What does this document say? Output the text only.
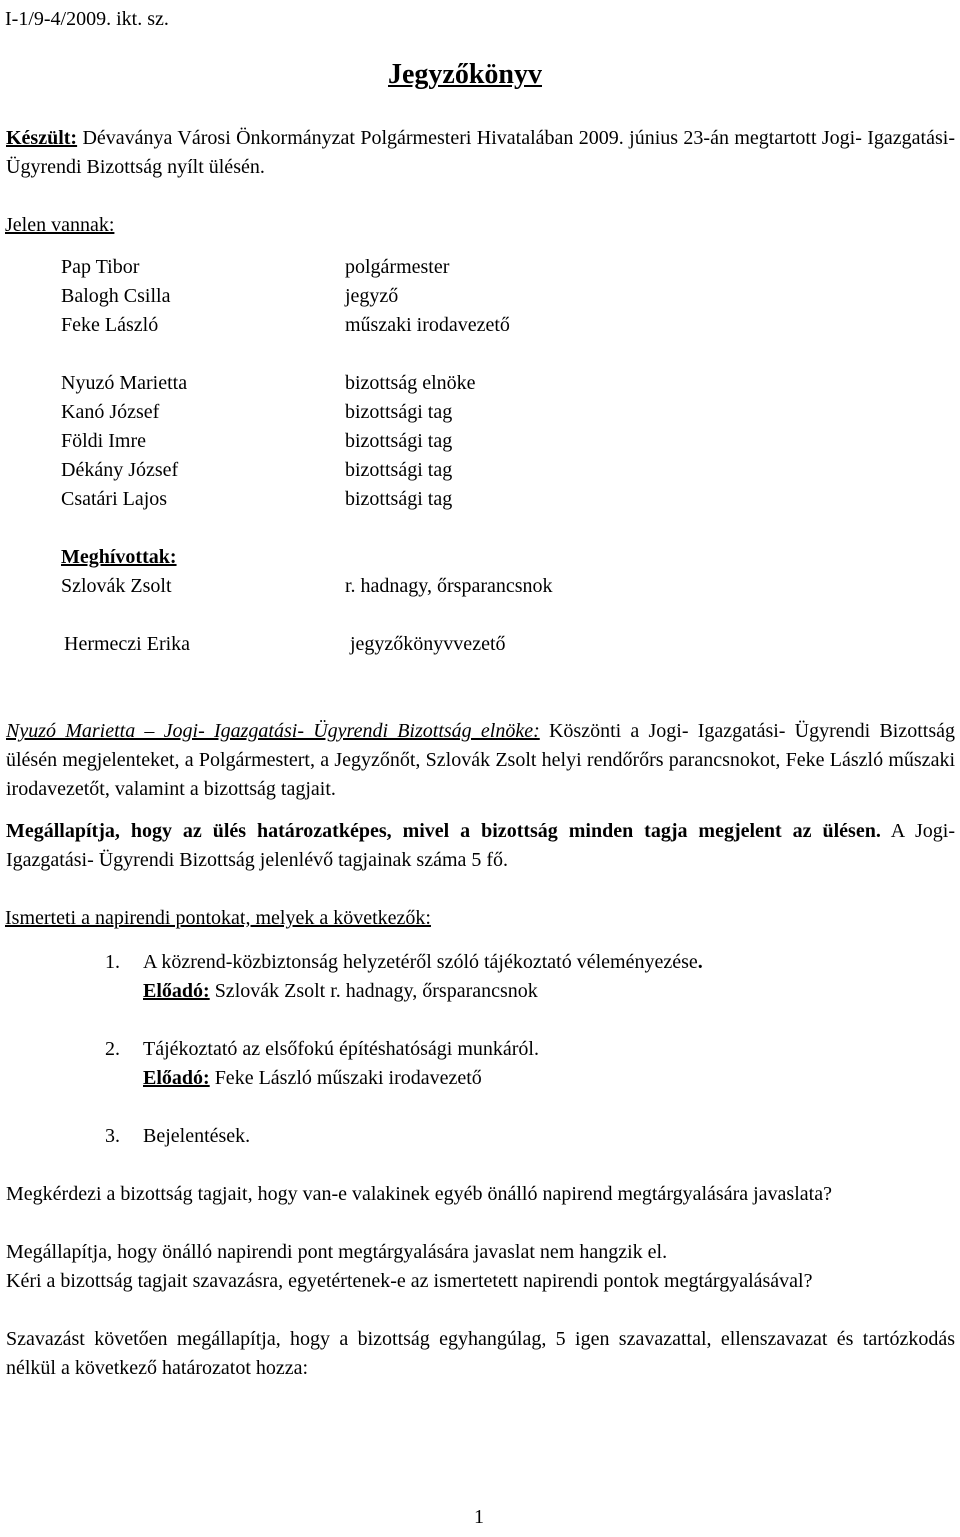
I-1/9-4/2009. ikt. sz.

Jegyzőkönyv

Készült: Dévaványa Városi Önkormányzat Polgármesteri Hivatalában 2009. június 23-án megtartott Jogi- Igazgatási- Ügyrendi Bizottság nyílt ülésén.

Jelen vannak:

Pap Tibor

Balogh Csilla

Feke László

Nyuzó Marietta

Kanó József

Földi Imre

Dékány József

Csatári Lajos

polgármester

jegyző

műszaki irodavezető

bizottság elnöke

bizottsági tag

bizottsági tag

bizottsági tag

bizottsági tag

Meghívottak:

Szlovák Zsolt	r. hadnagy, őrsparancsnok

Hermeczi Erika	jegyzőkönyvvezető

Nyuzó Marietta – Jogi- Igazgatási- Ügyrendi Bizottság elnöke: Köszönti a Jogi- Igazgatási- Ügyrendi Bizottság ülésén megjelenteket, a Polgármestert, a Jegyzőnőt, Szlovák Zsolt helyi rendőrőrs parancsnokot, Feke László műszaki irodavezetőt, valamint a bizottság tagjait.

Megállapítja, hogy az ülés határozatképes, mivel a bizottság minden tagja megjelent az ülésen. A Jogi- Igazgatási- Ügyrendi Bizottság jelenlévő tagjainak száma 5 fő.

Ismerteti a napirendi pontokat, melyek a következők:

1. A közrend-közbiztonság helyzetéről szóló tájékoztató véleményezése.
Előadó: Szlovák Zsolt r. hadnagy, őrsparancsnok
2. Tájékoztató az elsőfokú építéshatósági munkáról.
Előadó: Feke László műszaki irodavezető
3. Bejelentések.

Megkérdezi a bizottság tagjait, hogy van-e valakinek egyéb önálló napirend megtárgyalására javaslata?

Megállapítja, hogy önálló napirendi pont megtárgyalására javaslat nem hangzik el.

Kéri a bizottság tagjait szavazásra, egyetértenek-e az ismertetett napirendi pontok megtárgyalásával?

Szavazást követően megállapítja, hogy a bizottság egyhangúlag, 5 igen szavazattal, ellenszavazat és tartózkodás nélkül a következő határozatot hozza:

1
